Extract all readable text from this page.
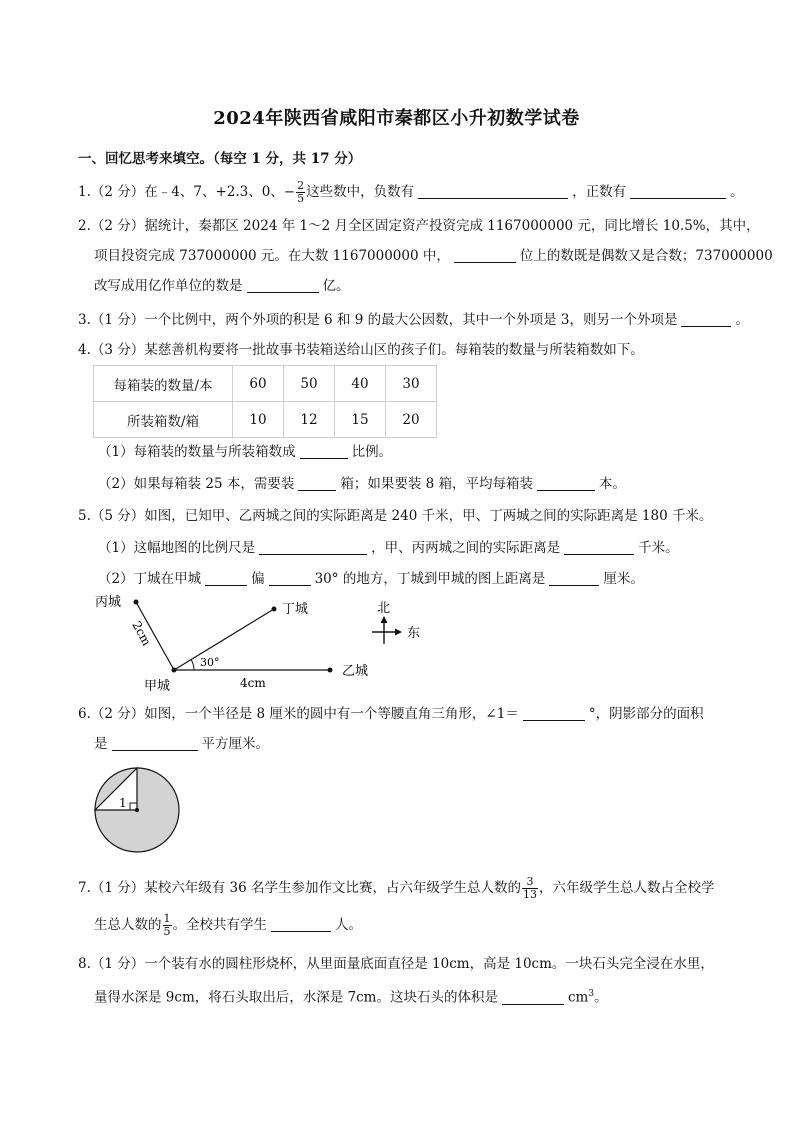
2024年陕西省咸阳市秦都区小升初数学试卷
一、回忆思考来填空。（每空 1 分，共 17 分）
1.（2 分）在﹣4、7、+2.3、0、− $\frac{2}{5}$ 这些数中，负数有	，正数有	。
2.（2 分）据统计，秦都区 2024 年 1～2 月全区固定资产投资完成 1167000000 元，同比增长 10.5%，其中，
项目投资完成 737000000 元。在大数 1167000000 中，	位上的数既是偶数又是合数；737000000
改写成用亿作单位的数是	亿。
3.（1 分）一个比例中，两个外项的积是 6 和 9 的最大公因数，其中一个外项是 3，则另一个外项是	。
4.（3 分）某慈善机构要将一批故事书装箱送给山区的孩子们。每箱装的数量与所装箱数如下。
每箱装的数量/本	60	50	40	30
所装箱数/箱	10	12	15	20
（1）每箱装的数量与所装箱数成	比例。
（2）如果每箱装 25 本，需要装	箱；如果要装 8 箱，平均每箱装	本。
5.（5 分）如图，已知甲、乙两城之间的实际距离是 240 千米，甲、丁两城之间的实际距离是 180 千米。
（1）这幅地图的比例尺是	，甲、丙两城之间的实际距离是	千米。
（2）丁城在甲城	偏	30° 的地方，丁城到甲城的图上距离是	厘米。
丙城	丁城
甲城
乙城
2cm
4cm
30°
北
东
6.（2 分）如图，一个半径是 8 厘米的圆中有一个等腰直角三角形，∠1＝	°，阴影部分的面积
是	平方厘米。
1
7.（1 分）某校六年级有 36 名学生参加作文比赛，占六年级学生总人数的 $\frac{3}{13}$ ，六年级学生总人数占全校学
生总人数的 $\frac{1}{5}$ 。全校共有学生	人。
8.（1 分）一个装有水的圆柱形烧杯，从里面量底面直径是 10cm，高是 10cm。一块石头完全浸在水里，
量得水深是 9cm，将石头取出后，水深是 7cm。这块石头的体积是	$cm^3$。
